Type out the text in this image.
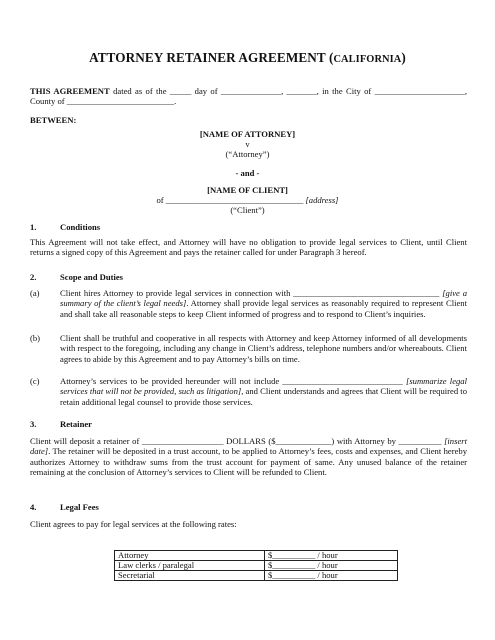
ATTORNEY RETAINER AGREEMENT (CALIFORNIA)
THIS AGREEMENT dated as of the _____ day of ______________, _______, in the City of _____________________, County of _________________________.
BETWEEN:
[NAME OF ATTORNEY]
v
(“Attorney”)
- and -
[NAME OF CLIENT]
of ________________________________ [address]
(“Client”)
1.	Conditions
This Agreement will not take effect, and Attorney will have no obligation to provide legal services to Client, until Client returns a signed copy of this Agreement and pays the retainer called for under Paragraph 3 hereof.
2.	Scope and Duties
(a) Client hires Attorney to provide legal services in connection with __________________________________ [give a summary of the client’s legal needs]. Attorney shall provide legal services as reasonably required to represent Client and shall take all reasonable steps to keep Client informed of progress and to respond to Client’s inquiries.
(b) Client shall be truthful and cooperative in all respects with Attorney and keep Attorney informed of all developments with respect to the foregoing, including any change in Client’s address, telephone numbers and/or whereabouts. Client agrees to abide by this Agreement and to pay Attorney’s bills on time.
(c) Attorney’s services to be provided hereunder will not include ____________________________ [summarize legal services that will not be provided, such as litigation], and Client understands and agrees that Client will be required to retain additional legal counsel to provide those services.
3.	Retainer
Client will deposit a retainer of ___________________ DOLLARS ($_____________) with Attorney by __________ [insert date]. The retainer will be deposited in a trust account, to be applied to Attorney’s fees, costs and expenses, and Client hereby authorizes Attorney to withdraw sums from the trust account for payment of same. Any unused balance of the retainer remaining at the conclusion of Attorney’s services to Client will be refunded to Client.
4.	Legal Fees
Client agrees to pay for legal services at the following rates:
Attorney	$__________ / hour
Law clerks / paralegal	$__________ / hour
Secretarial	$__________ / hour
